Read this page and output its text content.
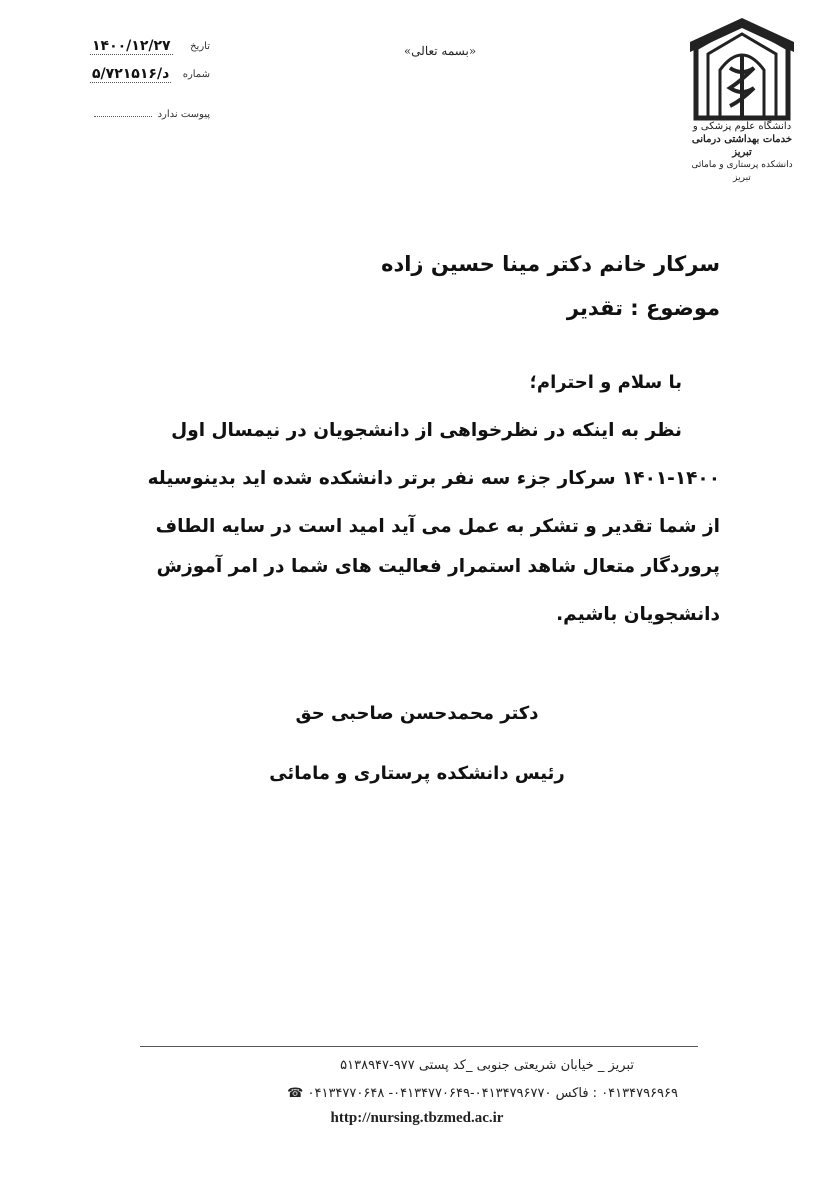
دانشگاه علوم پزشکی و
خدمات بهداشتی درمانی تبریز
دانشکده پرستاری و مامائی تبریز
«بسمه تعالی»
تاریخ
۱۴۰۰/۱۲/۲۷
شماره
۵/د/۷۲۱۵۱۶
پیوست ندارد
سرکار خانم دکتر مینا حسین زاده
موضوع : تقدیر
با سلام و احترام؛
نظر به اینکه در نظرخواهی از دانشجویان در نیمسال اول
۱۴۰۱-۱۴۰۰ سرکار جزء سه نفر برتر دانشکده شده اید بدینوسیله
از شما تقدیر و تشکر به عمل می آید امید است در سایه الطاف
پروردگار متعال شاهد استمرار فعالیت های شما در امر آموزش
دانشجویان باشیم.
دکتر محمدحسن صاحبی حق
رئیس دانشکده پرستاری و مامائی
تبریز _ خیابان شریعتی جنوبی _کد پستی ۹۷۷-۵۱۳۸۹۴۷
۰۴۱۳۴۷۹۶۹۶۹ : فاکس ۰۴۱۳۴۷۹۶۷۷۰-۰۴۱۳۴۷۷۰۶۴۹- ۰۴۱۳۴۷۷۰۶۴۸ ☎
http://nursing.tbzmed.ac.ir
